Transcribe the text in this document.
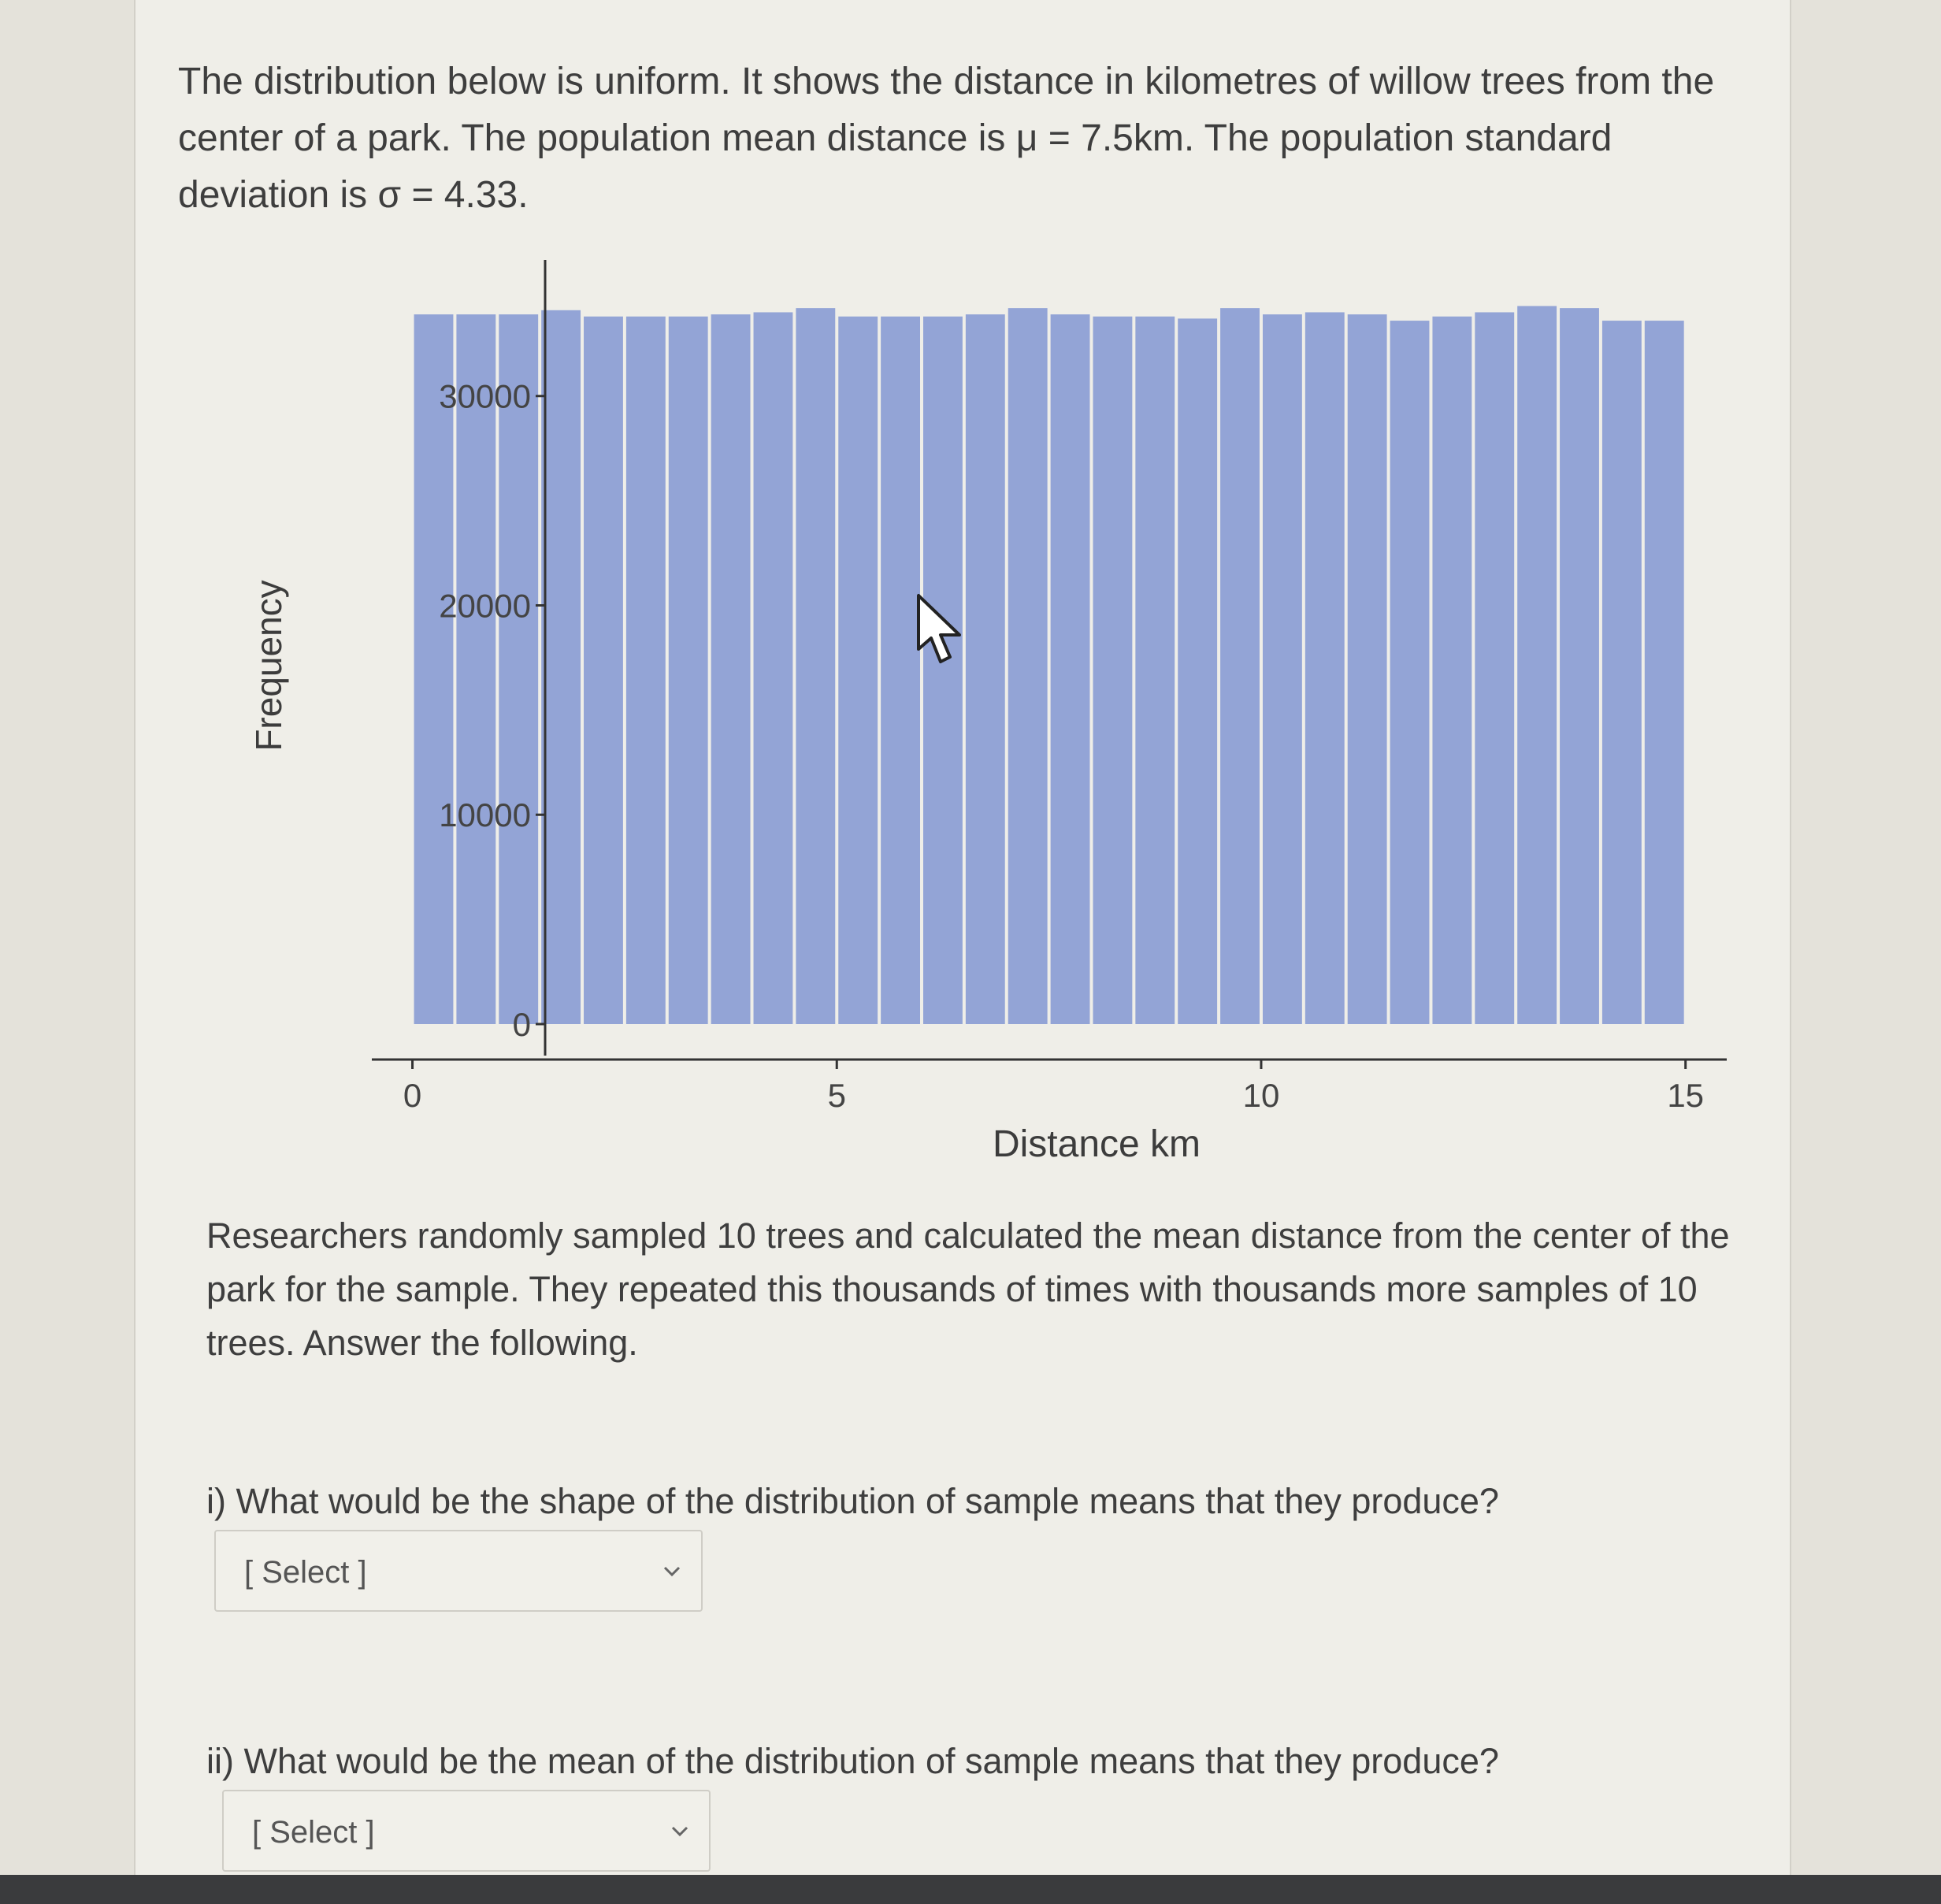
The distribution below is uniform. It shows the distance in kilometres of willow trees from the center of a park. The population mean distance is μ = 7.5km. The population standard deviation is σ = 4.33.
0
10000
20000
30000
0	5	10	15
Frequency
Distance km
Researchers randomly sampled 10 trees and calculated the mean distance from the center of the park for the sample. They repeated this thousands of times with thousands more samples of 10 trees. Answer the following.
i) What would be the shape of the distribution of sample means that they produce?
[ Select ]
ii) What would be the mean of the distribution of sample means that they produce?
[ Select ]
